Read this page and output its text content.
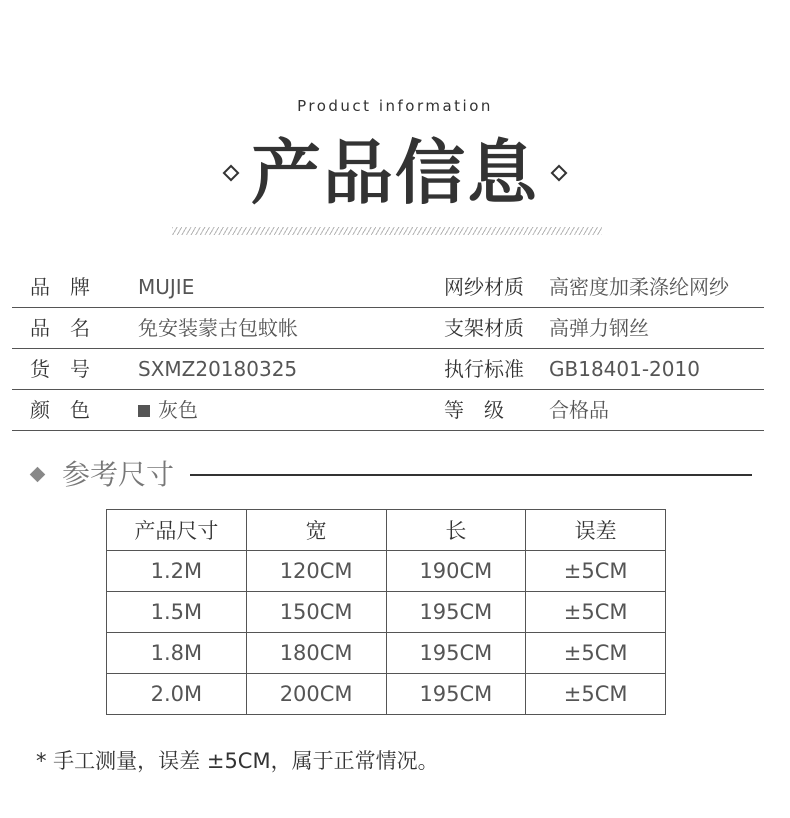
Product information
产品信息
品　牌	MUJIE	网纱材质 高密度加柔涤纶网纱
品　名	免安装蒙古包蚊帐	支架材质 高弹力钢丝
货　号	SXMZ20180325	执行标准 GB18401-2010
颜　色	灰色	等　级 合格品
参考尺寸
产品尺寸	宽	长	误差
1.2M	120CM	190CM	±5CM
1.5M	150CM	195CM	±5CM
1.8M	180CM	195CM	±5CM
2.0M	200CM	195CM	±5CM
* 手工测量，误差 ±5CM，属于正常情况。
